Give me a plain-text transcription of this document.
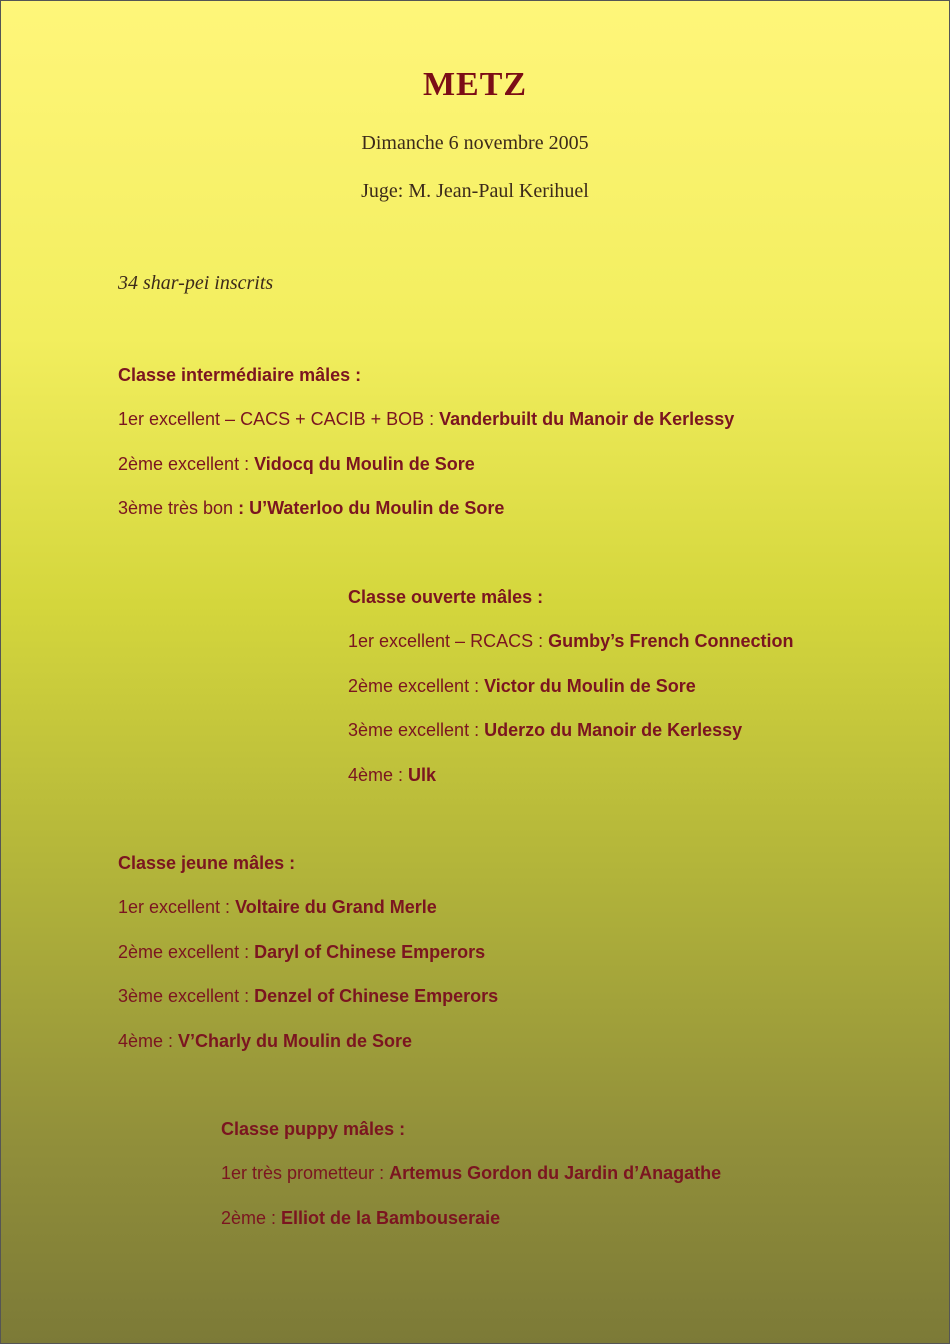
METZ
Dimanche 6 novembre 2005
Juge: M. Jean-Paul Kerihuel
34 shar-pei inscrits
Classe intermédiaire mâles :
1er excellent – CACS + CACIB + BOB : Vanderbuilt du Manoir de Kerlessy
2ème excellent : Vidocq du Moulin de Sore
3ème très bon : U’Waterloo du Moulin de Sore
Classe ouverte mâles :
1er excellent – RCACS : Gumby’s French Connection
2ème excellent : Victor du Moulin de Sore
3ème excellent : Uderzo du Manoir de Kerlessy
4ème : Ulk
Classe jeune mâles :
1er excellent : Voltaire du Grand Merle
2ème excellent : Daryl of Chinese Emperors
3ème excellent : Denzel of Chinese Emperors
4ème : V’Charly du Moulin de Sore
Classe puppy mâles :
1er très prometteur : Artemus Gordon du Jardin d’Anagathe
2ème : Elliot de la Bambouseraie
